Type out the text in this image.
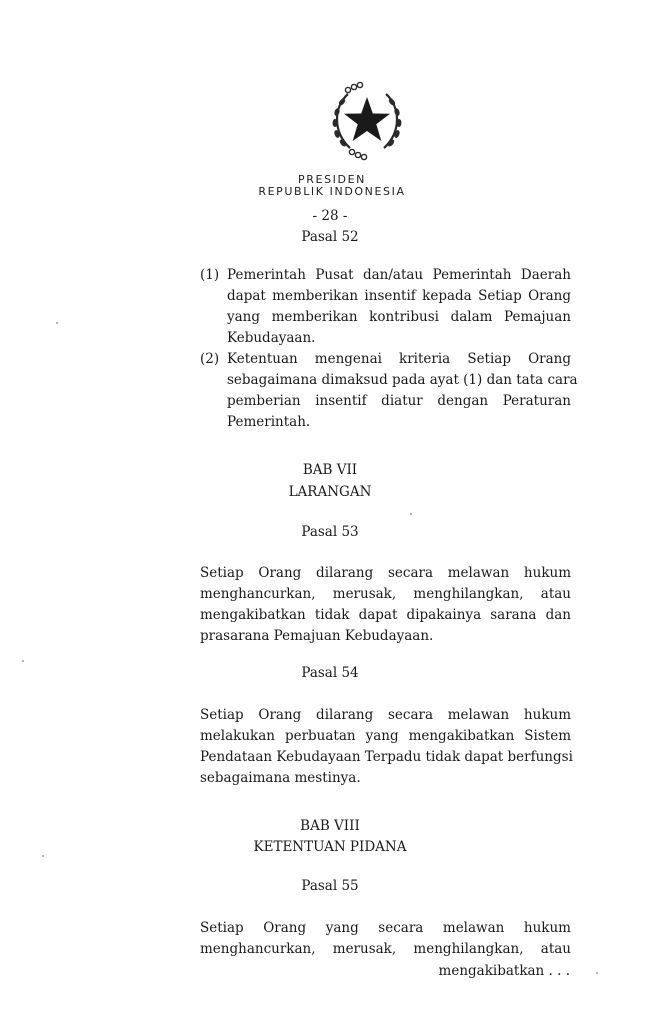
PRESIDEN
REPUBLIK INDONESIA
- 28 -
Pasal 52
(1) Pemerintah Pusat dan/atau Pemerintah Daerah
dapat memberikan insentif kepada Setiap Orang
yang memberikan kontribusi dalam Pemajuan
Kebudayaan.
(2) Ketentuan mengenai kriteria Setiap Orang
sebagaimana dimaksud pada ayat (1) dan tata cara
pemberian insentif diatur dengan Peraturan
Pemerintah.
BAB VII
LARANGAN
Pasal 53
Setiap Orang dilarang secara melawan hukum
menghancurkan, merusak, menghilangkan, atau
mengakibatkan tidak dapat dipakainya sarana dan
prasarana Pemajuan Kebudayaan.
Pasal 54
Setiap Orang dilarang secara melawan hukum
melakukan perbuatan yang mengakibatkan Sistem
Pendataan Kebudayaan Terpadu tidak dapat berfungsi
sebagaimana mestinya.
BAB VIII
KETENTUAN PIDANA
Pasal 55
Setiap Orang yang secara melawan hukum
menghancurkan, merusak, menghilangkan, atau
mengakibatkan . . .
